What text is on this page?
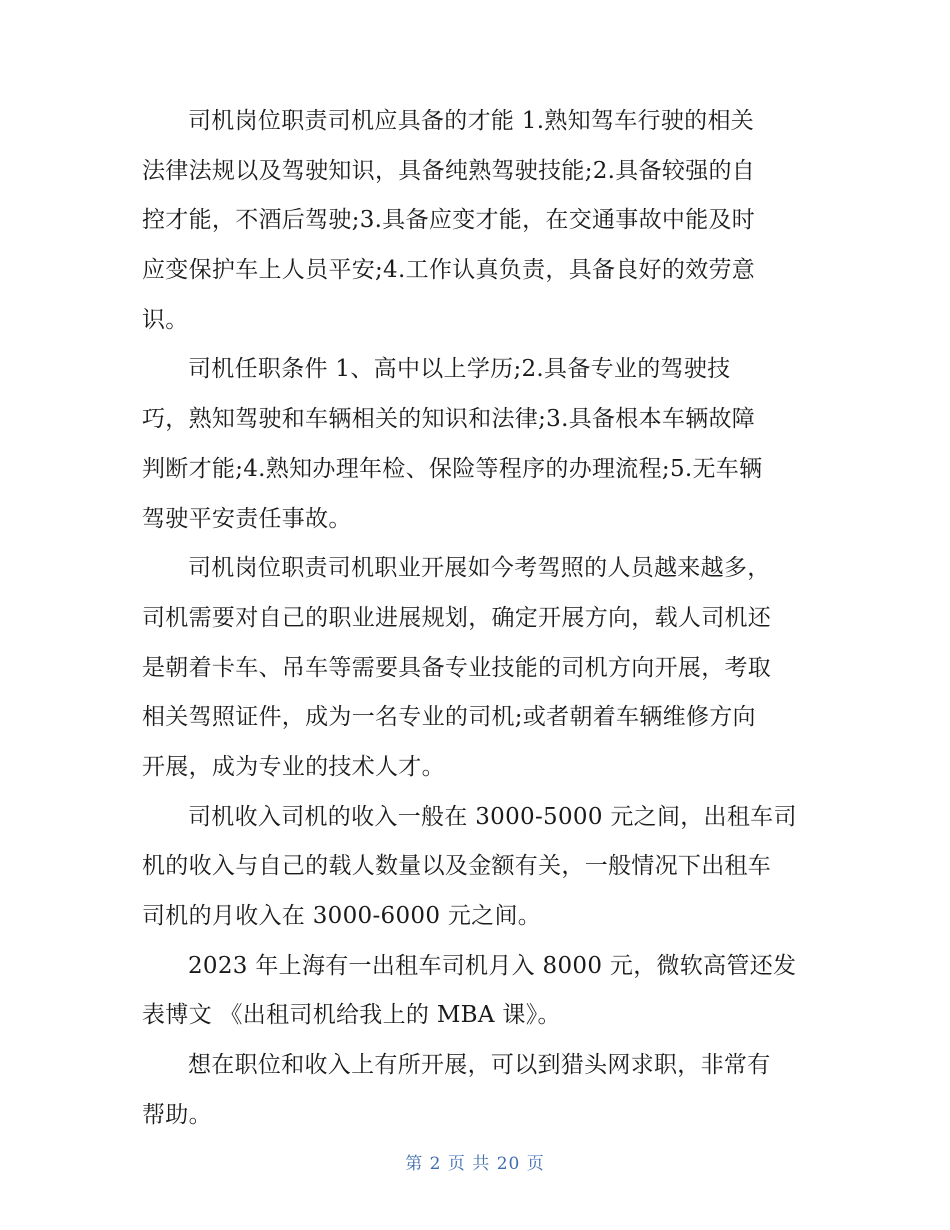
司机岗位职责司机应具备的才能 1.熟知驾车行驶的相关
法律法规以及驾驶知识，具备纯熟驾驶技能;2.具备较强的自
控才能，不酒后驾驶;3.具备应变才能，在交通事故中能及时
应变保护车上人员平安;4.工作认真负责，具备良好的效劳意
识。
司机任职条件 1、高中以上学历;2.具备专业的驾驶技
巧，熟知驾驶和车辆相关的知识和法律;3.具备根本车辆故障
判断才能;4.熟知办理年检、保险等程序的办理流程;5.无车辆
驾驶平安责任事故。
司机岗位职责司机职业开展如今考驾照的人员越来越多，
司机需要对自己的职业进展规划，确定开展方向，载人司机还
是朝着卡车、吊车等需要具备专业技能的司机方向开展，考取
相关驾照证件，成为一名专业的司机;或者朝着车辆维修方向
开展，成为专业的技术人才。
司机收入司机的收入一般在 3000-5000 元之间，出租车司
机的收入与自己的载人数量以及金额有关，一般情况下出租车
司机的月收入在 3000-6000 元之间。
2023 年上海有一出租车司机月入 8000 元，微软高管还发
表博文 《出租司机给我上的 MBA 课》。
想在职位和收入上有所开展，可以到猎头网求职，非常有
帮助。
第 2 页 共 20 页
